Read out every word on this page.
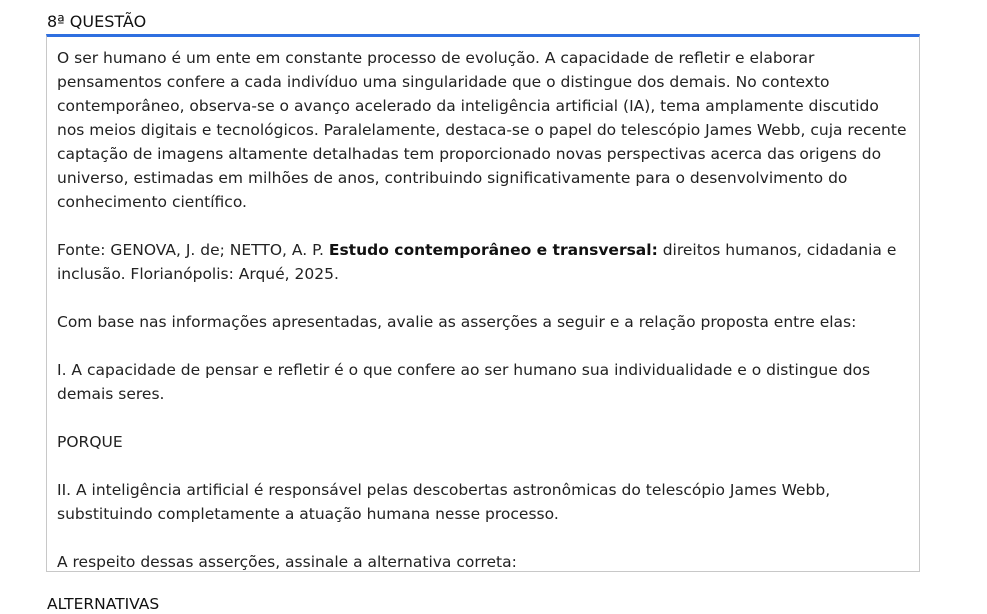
8ª QUESTÃO

O ser humano é um ente em constante processo de evolução. A capacidade de refletir e elaborar pensamentos confere a cada indivíduo uma singularidade que o distingue dos demais. No contexto contemporâneo, observa-se o avanço acelerado da inteligência artificial (IA), tema amplamente discutido nos meios digitais e tecnológicos. Paralelamente, destaca-se o papel do telescópio James Webb, cuja recente captação de imagens altamente detalhadas tem proporcionado novas perspectivas acerca das origens do universo, estimadas em milhões de anos, contribuindo significativamente para o desenvolvimento do conhecimento científico.

Fonte: GENOVA, J. de; NETTO, A. P. Estudo contemporâneo e transversal: direitos humanos, cidadania e inclusão. Florianópolis: Arqué, 2025.

Com base nas informações apresentadas, avalie as asserções a seguir e a relação proposta entre elas:

I. A capacidade de pensar e refletir é o que confere ao ser humano sua individualidade e o distingue dos demais seres.

PORQUE

II. A inteligência artificial é responsável pelas descobertas astronômicas do telescópio James Webb, substituindo completamente a atuação humana nesse processo.

A respeito dessas asserções, assinale a alternativa correta:

ALTERNATIVAS
